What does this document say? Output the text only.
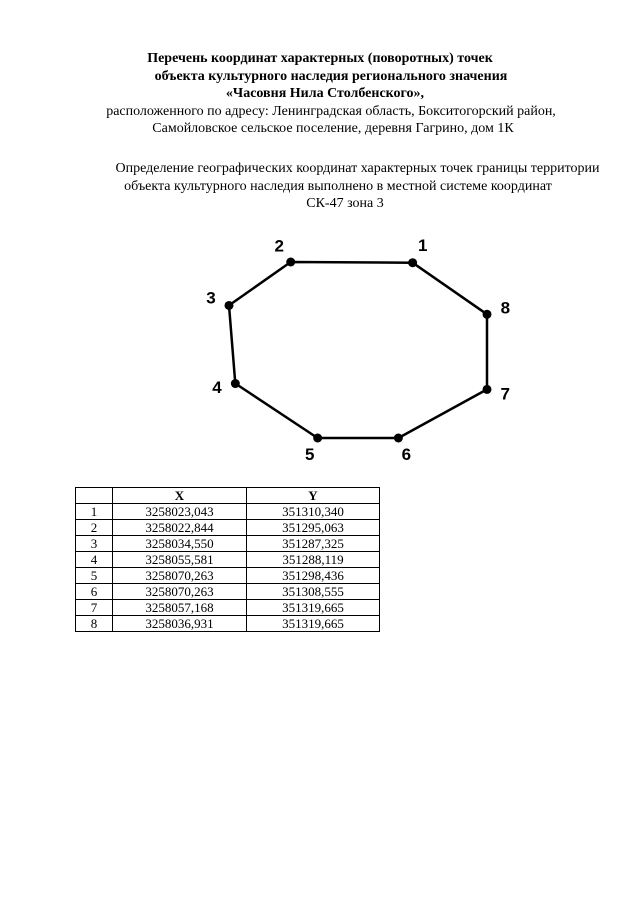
Перечень координат характерных (поворотных) точек
объекта культурного наследия регионального значения
«Часовня Нила Столбенского»,
расположенного по адресу: Ленинградская область, Бокситогорский район,
Самойловское сельское поселение, деревня Гагрино, дом 1К
Определение географических координат характерных точек границы территории
объекта культурного наследия выполнено в местной системе координат
СК-47 зона 3
1
2
3
4
5	6
7
8
	X	Y
1	3258023,043	351310,340
2	3258022,844	351295,063
3	3258034,550	351287,325
4	3258055,581	351288,119
5	3258070,263	351298,436
6	3258070,263	351308,555
7	3258057,168	351319,665
8	3258036,931	351319,665
